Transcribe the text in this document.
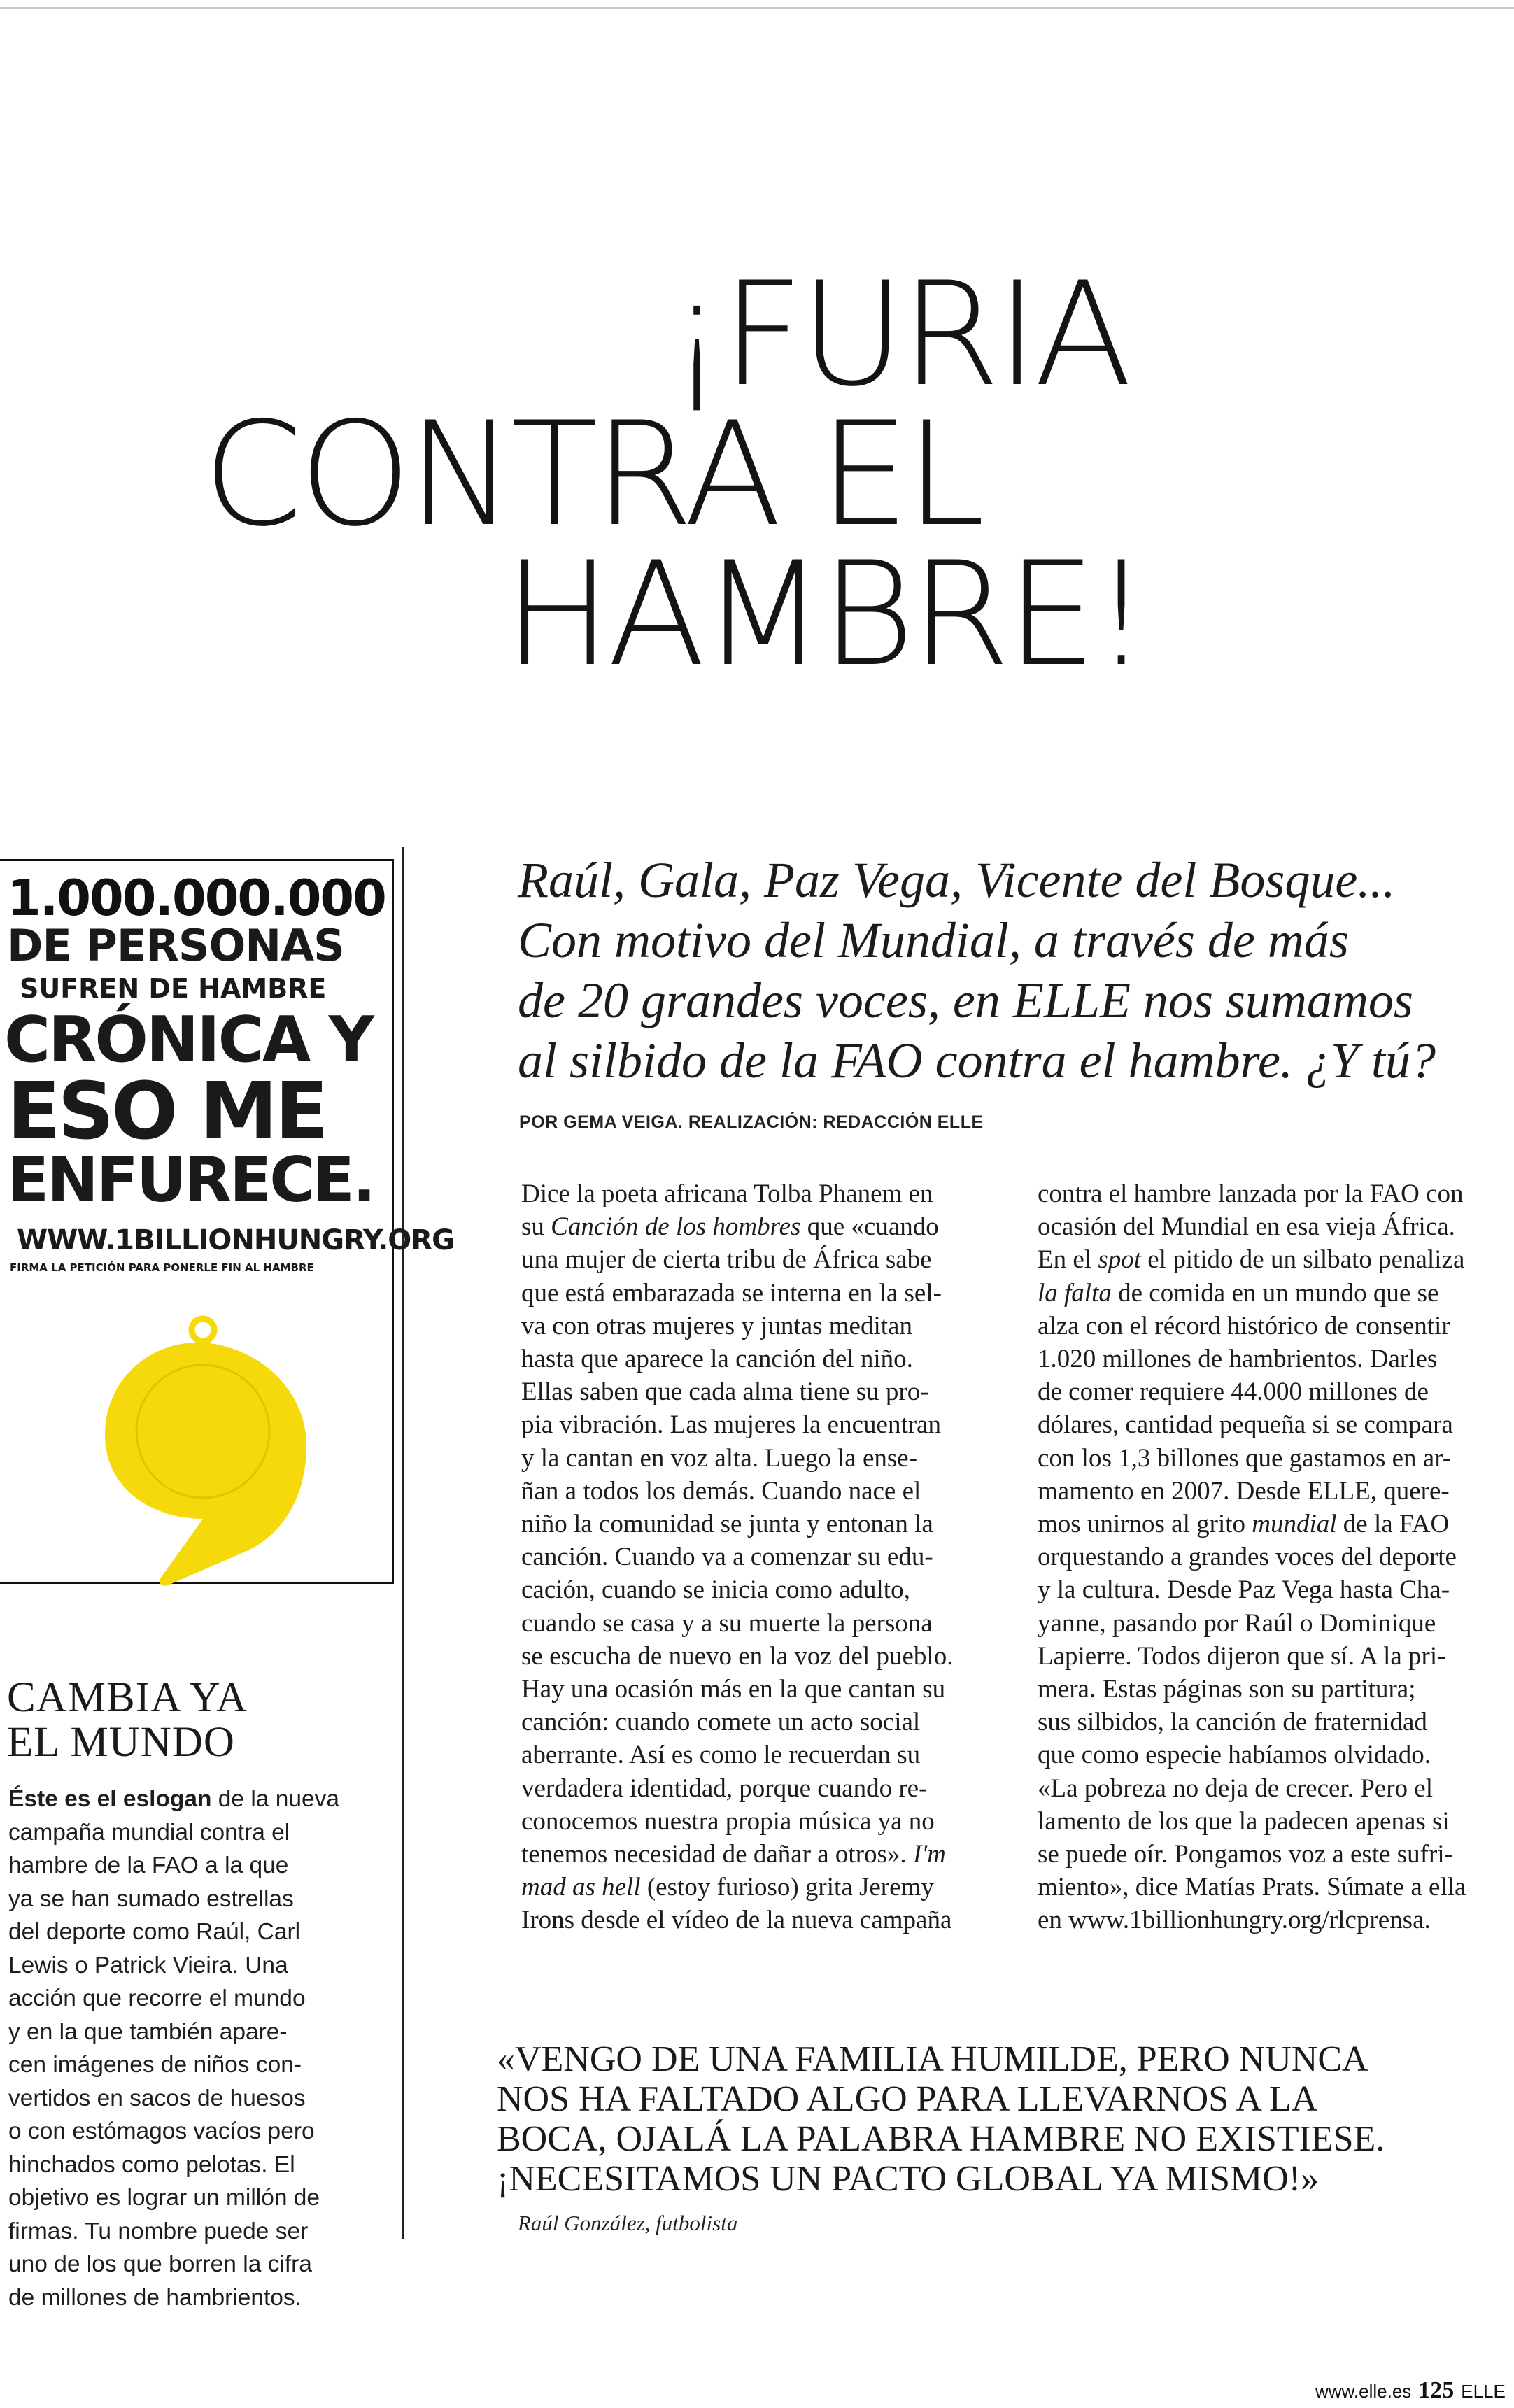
¡FURIA
CONTRA EL
HAMBRE!
Raúl, Gala, Paz Vega, Vicente del Bosque...
Con motivo del Mundial, a través de más
de 20 grandes voces, en ELLE nos sumamos
al silbido de la FAO contra el hambre. ¿Y tú?
POR GEMA VEIGA. REALIZACIÓN: REDACCIÓN ELLE
1.000.000.000
DE PERSONAS
SUFREN DE HAMBRE
CRÓNICA Y
ESO ME
ENFURECE.
WWW.1BILLIONHUNGRY.ORG
FIRMA LA PETICIÓN PARA PONERLE FIN AL HAMBRE
CAMBIA YA
EL MUNDO
Éste es el eslogan de la nueva
campaña mundial contra el
hambre de la FAO a la que
ya se han sumado estrellas
del deporte como Raúl, Carl
Lewis o Patrick Vieira. Una
acción que recorre el mundo
y en la que también apare-
cen imágenes de niños con-
vertidos en sacos de huesos
o con estómagos vacíos pero
hinchados como pelotas. El
objetivo es lograr un millón de
firmas. Tu nombre puede ser
uno de los que borren la cifra
de millones de hambrientos.
Dice la poeta africana Tolba Phanem en
su Canción de los hombres que «cuando
una mujer de cierta tribu de África sabe
que está embarazada se interna en la sel-
va con otras mujeres y juntas meditan
hasta que aparece la canción del niño.
Ellas saben que cada alma tiene su pro-
pia vibración. Las mujeres la encuentran
y la cantan en voz alta. Luego la ense-
ñan a todos los demás. Cuando nace el
niño la comunidad se junta y entonan la
canción. Cuando va a comenzar su edu-
cación, cuando se inicia como adulto,
cuando se casa y a su muerte la persona
se escucha de nuevo en la voz del pueblo.
Hay una ocasión más en la que cantan su
canción: cuando comete un acto social
aberrante. Así es como le recuerdan su
verdadera identidad, porque cuando re-
conocemos nuestra propia música ya no
tenemos necesidad de dañar a otros». I'm
mad as hell (estoy furioso) grita Jeremy
Irons desde el vídeo de la nueva campaña
contra el hambre lanzada por la FAO con
ocasión del Mundial en esa vieja África.
En el spot el pitido de un silbato penaliza
la falta de comida en un mundo que se
alza con el récord histórico de consentir
1.020 millones de hambrientos. Darles
de comer requiere 44.000 millones de
dólares, cantidad pequeña si se compara
con los 1,3 billones que gastamos en ar-
mamento en 2007. Desde ELLE, quere-
mos unirnos al grito mundial de la FAO
orquestando a grandes voces del deporte
y la cultura. Desde Paz Vega hasta Cha-
yanne, pasando por Raúl o Dominique
Lapierre. Todos dijeron que sí. A la pri-
mera. Estas páginas son su partitura;
sus silbidos, la canción de fraternidad
que como especie habíamos olvidado.
«La pobreza no deja de crecer. Pero el
lamento de los que la padecen apenas si
se puede oír. Pongamos voz a este sufri-
miento», dice Matías Prats. Súmate a ella
en www.1billionhungry.org/rlcprensa.
«VENGO DE UNA FAMILIA HUMILDE, PERO NUNCA
NOS HA FALTADO ALGO PARA LLEVARNOS A LA
BOCA, OJALÁ LA PALABRA HAMBRE NO EXISTIESE.
¡NECESITAMOS UN PACTO GLOBAL YA MISMO!»
Raúl González, futbolista
www.elle.es 125 ELLE
